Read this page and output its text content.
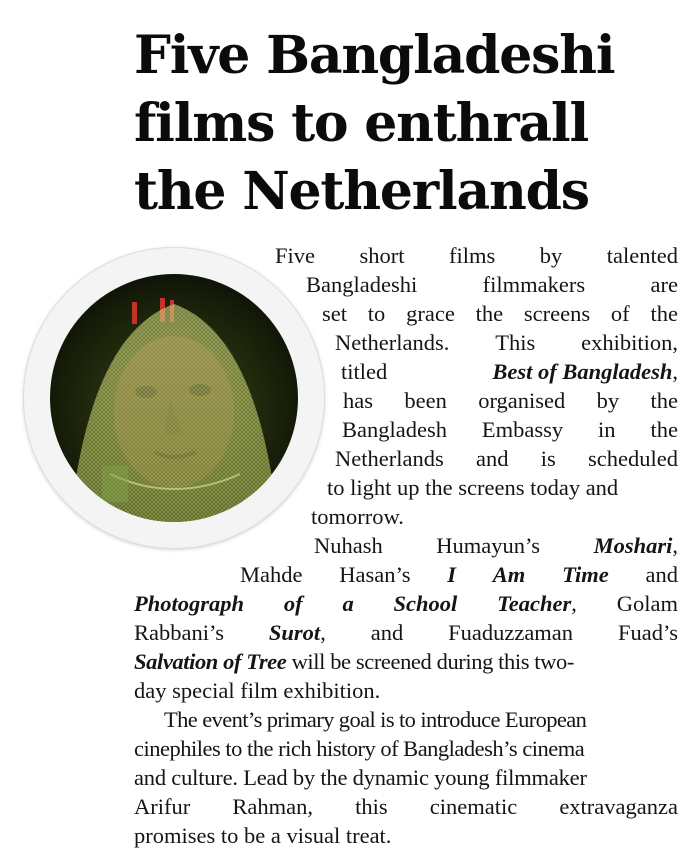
Five Bangladeshi
films to enthrall
the Netherlands
Five short films by talented
Bangladeshi	filmmakers	are
set to grace the screens of the
Netherlands. This exhibition,
titled	Best of Bangladesh,
has been organised by the
Bangladesh Embassy in the
Netherlands and is scheduled
to light up the screens today and
tomorrow.
Nuhash Humayun’s Moshari,
Mahde Hasan’s I Am Time and
Photograph of a School Teacher, Golam
Rabbani’s Surot, and Fuaduzzaman Fuad’s
Salvation of Tree will be screened during this two-
day special film exhibition.
The event’s primary goal is to introduce European
cinephiles to the rich history of Bangladesh’s cinema
and culture. Lead by the dynamic young filmmaker
Arifur Rahman, this cinematic extravaganza
promises to be a visual treat.
